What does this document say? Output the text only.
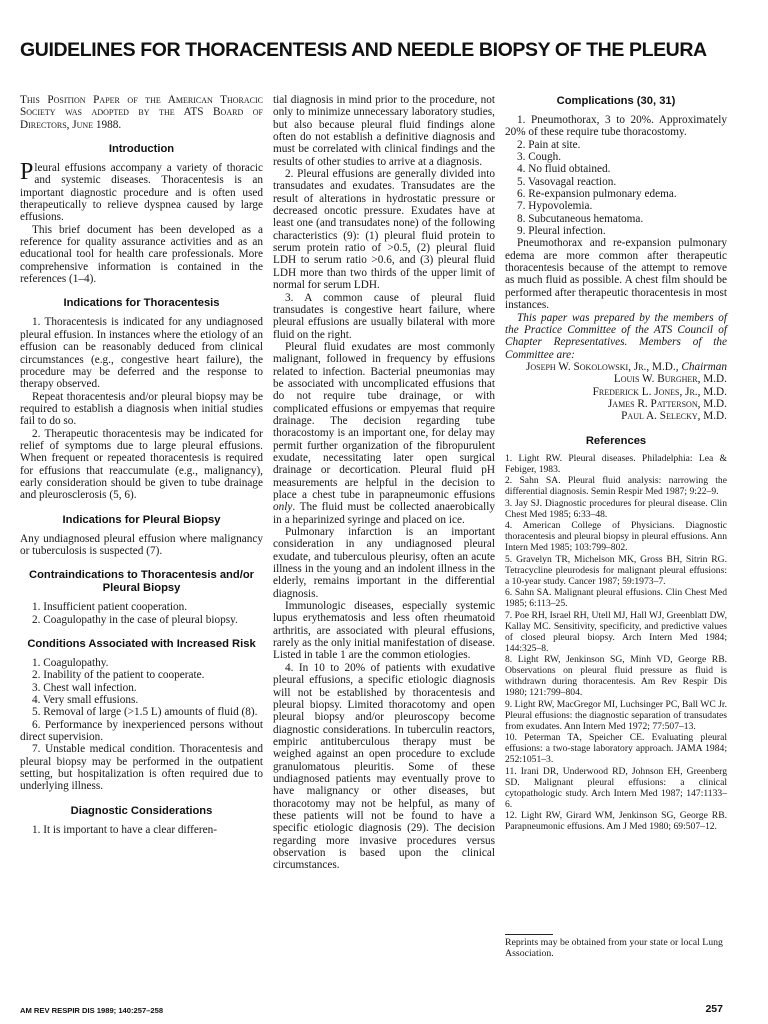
GUIDELINES FOR THORACENTESIS AND NEEDLE BIOPSY OF THE PLEURA

This Position Paper of the American Thoracic Society was adopted by the ATS Board of Directors, June 1988.

Introduction

Pleural effusions accompany a variety of thoracic and systemic diseases. Thoracentesis is an important diagnostic procedure and is often used therapeutically to relieve dyspnea caused by large effusions.

This brief document has been developed as a reference for quality assurance activities and as an educational tool for health care professionals. More comprehensive information is contained in the references (1–4).

Indications for Thoracentesis

1. Thoracentesis is indicated for any undiagnosed pleural effusion. In instances where the etiology of an effusion can be reasonably deduced from clinical circumstances (e.g., congestive heart failure), the procedure may be deferred and the response to therapy observed.

Repeat thoracentesis and/or pleural biopsy may be required to establish a diagnosis when initial studies fail to do so.

2. Therapeutic thoracentesis may be indicated for relief of symptoms due to large pleural effusions. When frequent or repeated thoracentesis is required for effusions that reaccumulate (e.g., malignancy), early consideration should be given to tube drainage and pleurosclerosis (5, 6).

Indications for Pleural Biopsy

Any undiagnosed pleural effusion where malignancy or tuberculosis is suspected (7).

Contraindications to Thoracentesis and/or Pleural Biopsy

1. Insufficient patient cooperation.

2. Coagulopathy in the case of pleural biopsy.

Conditions Associated with Increased Risk

1. Coagulopathy.

2. Inability of the patient to cooperate.

3. Chest wall infection.

4. Very small effusions.

5. Removal of large (>1.5 L) amounts of fluid (8).

6. Performance by inexperienced persons without direct supervision.

7. Unstable medical condition. Thoracentesis and pleural biopsy may be performed in the outpatient setting, but hospitalization is often required due to underlying illness.

Diagnostic Considerations

1. It is important to have a clear differen-

tial diagnosis in mind prior to the procedure, not only to minimize unnecessary laboratory studies, but also because pleural fluid findings alone often do not establish a definitive diagnosis and must be correlated with clinical findings and the results of other studies to arrive at a diagnosis.

2. Pleural effusions are generally divided into transudates and exudates. Transudates are the result of alterations in hydrostatic pressure or decreased oncotic pressure. Exudates have at least one (and transudates none) of the following characteristics (9): (1) pleural fluid protein to serum protein ratio of >0.5, (2) pleural fluid LDH to serum ratio >0.6, and (3) pleural fluid LDH more than two thirds of the upper limit of normal for serum LDH.

3. A common cause of pleural fluid transudates is congestive heart failure, where pleural effusions are usually bilateral with more fluid on the right.

Pleural fluid exudates are most commonly malignant, followed in frequency by effusions related to infection. Bacterial pneumonias may be associated with uncomplicated effusions that do not require tube drainage, or with complicated effusions or empyemas that require drainage. The decision regarding tube thoracostomy is an important one, for delay may permit further organization of the fibropurulent exudate, necessitating later open surgical drainage or decortication. Pleural fluid pH measurements are helpful in the decision to place a chest tube in parapneumonic effusions only. The fluid must be collected anaerobically in a heparinized syringe and placed on ice.

Pulmonary infarction is an important consideration in any undiagnosed pleural exudate, and tuberculous pleurisy, often an acute illness in the young and an indolent illness in the elderly, remains important in the differential diagnosis.

Immunologic diseases, especially systemic lupus erythematosis and less often rheumatoid arthritis, are associated with pleural effusions, rarely as the only initial manifestation of disease. Listed in table 1 are the common etiologies.

4. In 10 to 20% of patients with exudative pleural effusions, a specific etiologic diagnosis will not be established by thoracentesis and pleural biopsy. Limited thoracotomy and open pleural biopsy and/or pleuroscopy become diagnostic considerations. In tuberculin reactors, empiric antituberculous therapy must be weighed against an open procedure to exclude granulomatous pleuritis. Some of these undiagnosed patients may eventually prove to have malignancy or other diseases, but thoracotomy may not be helpful, as many of these patients will not be found to have a specific etiologic diagnosis (29). The decision regarding more invasive procedures versus observation is based upon the clinical circumstances.

Complications (30, 31)

1. Pneumothorax, 3 to 20%. Approximately 20% of these require tube thoracostomy.

2. Pain at site.

3. Cough.

4. No fluid obtained.

5. Vasovagal reaction.

6. Re-expansion pulmonary edema.

7. Hypovolemia.

8. Subcutaneous hematoma.

9. Pleural infection.

Pneumothorax and re-expansion pulmonary edema are more common after therapeutic thoracentesis because of the attempt to remove as much fluid as possible. A chest film should be performed after therapeutic thoracentesis in most instances.

This paper was prepared by the members of the Practice Committee of the ATS Council of Chapter Representatives. Members of the Committee are:

Joseph W. Sokolowski, Jr., M.D., Chairman

Louis W. Burgher, M.D.

Frederick L. Jones, Jr., M.D.

James R. Patterson, M.D.

Paul A. Selecky, M.D.

References

1. Light RW. Pleural diseases. Philadelphia: Lea & Febiger, 1983.

2. Sahn SA. Pleural fluid analysis: narrowing the differential diagnosis. Semin Respir Med 1987; 9:22–9.

3. Jay SJ. Diagnostic procedures for pleural disease. Clin Chest Med 1985; 6:33–48.

4. American College of Physicians. Diagnostic thoracentesis and pleural biopsy in pleural effusions. Ann Intern Med 1985; 103:799–802.

5. Gravelyn TR, Michelson MK, Gross BH, Sitrin RG. Tetracycline pleurodesis for malignant pleural effusions: a 10-year study. Cancer 1987; 59:1973–7.

6. Sahn SA. Malignant pleural effusions. Clin Chest Med 1985; 6:113–25.

7. Poe RH, Israel RH, Utell MJ, Hall WJ, Greenblatt DW, Kallay MC. Sensitivity, specificity, and predictive values of closed pleural biopsy. Arch Intern Med 1984; 144:325–8.

8. Light RW, Jenkinson SG, Minh VD, George RB. Observations on pleural fluid pressure as fluid is withdrawn during thoracentesis. Am Rev Respir Dis 1980; 121:799–804.

9. Light RW, MacGregor MI, Luchsinger PC, Ball WC Jr. Pleural effusions: the diagnostic separation of transudates from exudates. Ann Intern Med 1972; 77:507–13.

10. Peterman TA, Speicher CE. Evaluating pleural effusions: a two-stage laboratory approach. JAMA 1984; 252:1051–3.

11. Irani DR, Underwood RD, Johnson EH, Greenberg SD. Malignant pleural effusions: a clinical cytopathologic study. Arch Intern Med 1987; 147:1133–6.

12. Light RW, Girard WM, Jenkinson SG, George RB. Parapneumonic effusions. Am J Med 1980; 69:507–12.

Reprints may be obtained from your state or local Lung Association.

AM REV RESPIR DIS 1989; 140:257–258	257
